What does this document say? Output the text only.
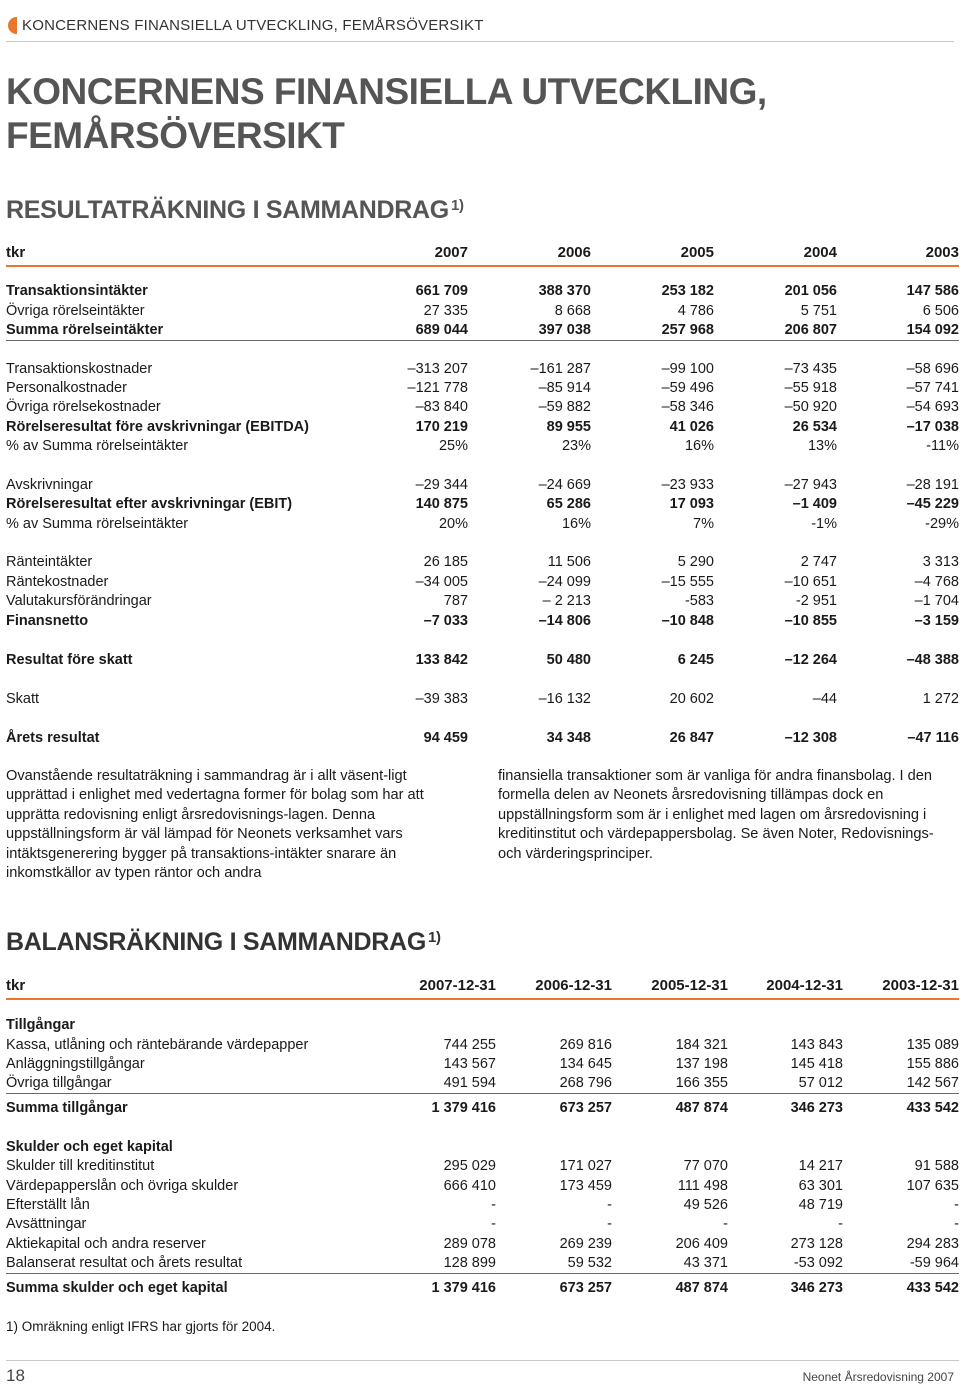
KONCERNENS FINANSIELLA UTVECKLING, FEMÅRSÖVERSIKT
KONCERNENS FINANSIELLA UTVECKLING,
FEMÅRSÖVERSIKT
RESULTATRÄKNING I SAMMANDRAG $^{1)}$
tkr	2007	2006	2005	2004	2003
Transaktionsintäkter	661 709	388 370	253 182	201 056	147 586
Övriga rörelseintäkter	27 335	8 668	4 786	5 751	6 506
Summa rörelseintäkter	689 044	397 038	257 968	206 807	154 092
Transaktionskostnader	–313 207	–161 287	–99 100	–73 435	–58 696
Personalkostnader	–121 778	–85 914	–59 496	–55 918	–57 741
Övriga rörelsekostnader	–83 840	–59 882	–58 346	–50 920	–54 693
Rörelseresultat före avskrivningar (EBITDA)	170 219	89 955	41 026	26 534	–17 038
% av Summa rörelseintäkter	25%	23%	16%	13%	-11%
Avskrivningar	–29 344	–24 669	–23 933	–27 943	–28 191
Rörelseresultat efter avskrivningar (EBIT)	140 875	65 286	17 093	–1 409	–45 229
% av Summa rörelseintäkter	20%	16%	7%	-1%	-29%
Ränteintäkter	26 185	11 506	5 290	2 747	3 313
Räntekostnader	–34 005	–24 099	–15 555	–10 651	–4 768
Valutakursförändringar	787	– 2 213	-583	-2 951	–1 704
Finansnetto	–7 033	–14 806	–10 848	–10 855	–3 159
Resultat före skatt	133 842	50 480	6 245	–12 264	–48 388
Skatt	–39 383	–16 132	20 602	–44	1 272
Årets resultat	94 459	34 348	26 847	–12 308	–47 116
Ovanstående resultaträkning i sammandrag är i allt väsent-ligt upprättad i enlighet med vedertagna former för bolag som har att upprätta redovisning enligt årsredovisnings-lagen. Denna uppställningsform är väl lämpad för Neonets verksamhet vars intäktsgenerering bygger på transaktions-intäkter snarare än inkomstkällor av typen räntor och andra
finansiella transaktioner som är vanliga för andra finansbolag. I den formella delen av Neonets årsredovisning tillämpas dock en uppställningsform som är i enlighet med lagen om årsredovisning i kreditinstitut och värdepappersbolag. Se även Noter, Redovisnings- och värderingsprinciper.
BALANSRÄKNING I SAMMANDRAG $^{1)}$
tkr	2007-12-31	2006-12-31	2005-12-31	2004-12-31	2003-12-31
Tillgångar
Kassa, utlåning och räntebärande värdepapper	744 255	269 816	184 321	143 843	135 089
Anläggningstillgångar	143 567	134 645	137 198	145 418	155 886
Övriga tillgångar	491 594	268 796	166 355	57 012	142 567
Summa tillgångar	1 379 416	673 257	487 874	346 273	433 542
Skulder till kreditinstitut	295 029	171 027	77 070	14 217	91 588
Värdepapperslån och övriga skulder	666 410	173 459	111 498	63 301	107 635
Efterställt lån	-	-	49 526	48 719	-
Avsättningar	-	-	-	-	-
Aktiekapital och andra reserver	289 078	269 239	206 409	273 128	294 283
Balanserat resultat och årets resultat	128 899	59 532	43 371	-53 092	-59 964
Summa skulder och eget kapital	1 379 416	673 257	487 874	346 273	433 542
Skulder och eget kapital
1) Omräkning enligt IFRS har gjorts för 2004.
18	Neonet Årsredovisning 2007
